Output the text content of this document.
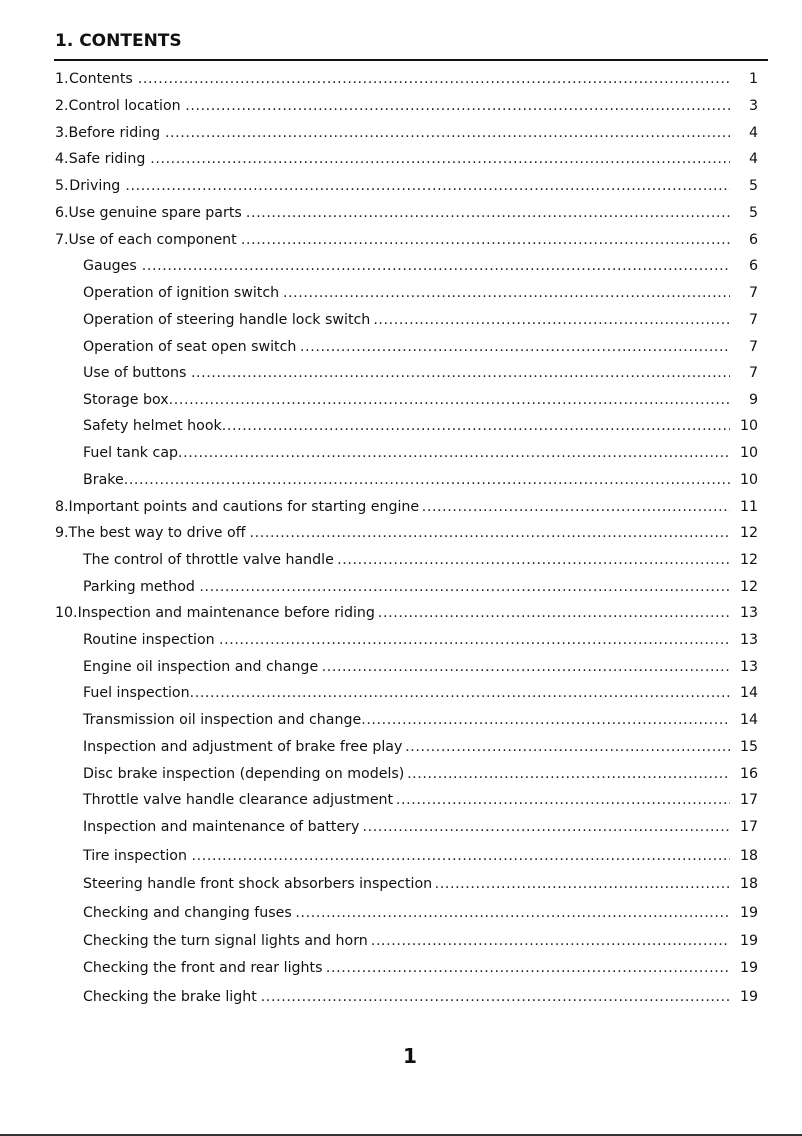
1. CONTENTS
1. Contents .....	1
2. Control location .....	3
3. Before riding .....	4
4. Safe riding .....	4
5. Driving .....	5
6. Use genuine spare parts .....	5
7. Use of each component .....	6
Gauges .....	6
Operation of ignition switch .....	7
Operation of steering handle lock switch .....	7
Operation of seat open switch .....	7
Use of buttons .....	7
Storage box .....	9
Safety helmet hook .....	10
Fuel tank cap .....	10
Brake .....	10
8. Important points and cautions for starting engine .....	11
9. The best way to drive off .....	12
The control of throttle valve handle .....	12
Parking method .....	12
10. Inspection and maintenance before riding .....	13
Routine inspection .....	13
Engine oil inspection and change .....	13
Fuel inspection .....	14
Transmission oil inspection and change .....	14
Inspection and adjustment of brake free play .....	15
Disc brake inspection (depending on models) .....	16
Throttle valve handle clearance adjustment .....	17
Inspection and maintenance of battery .....	17
Tire inspection .....	18
Steering handle front shock absorbers inspection .....	18
Checking and changing fuses .....	19
Checking the turn signal lights and horn .....	19
Checking the front and rear lights .....	19
Checking the brake light .....	19
1
